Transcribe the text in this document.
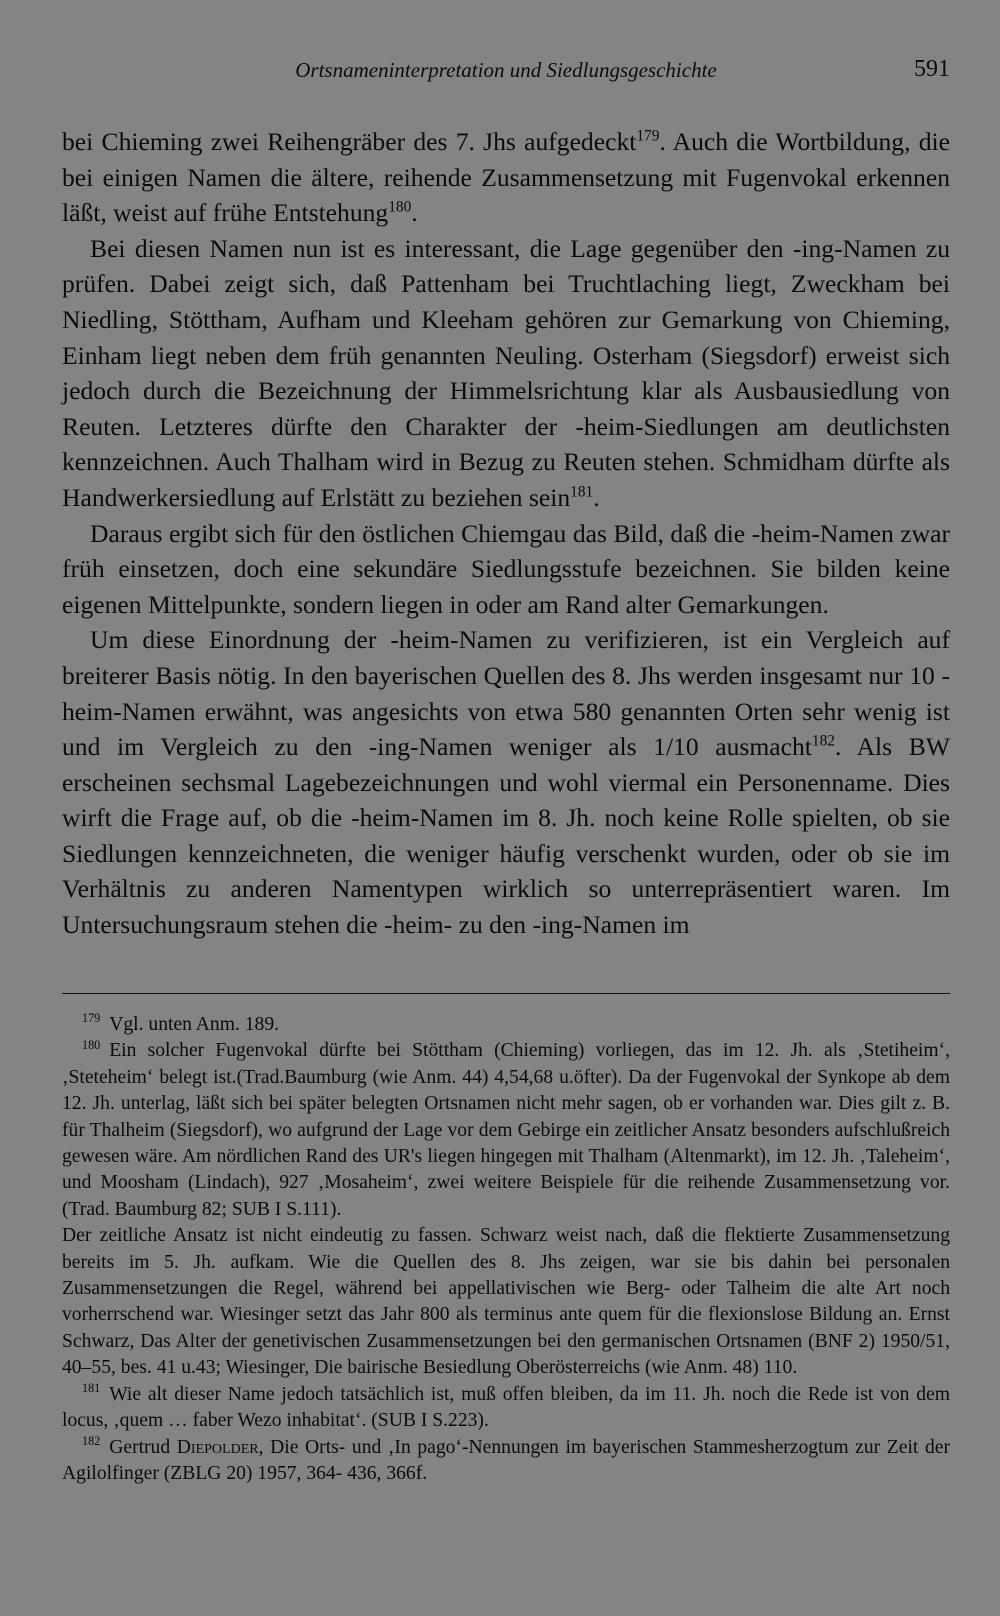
Ortsnameninterpretation und Siedlungsgeschichte	591

bei Chieming zwei Reihengräber des 7. Jhs aufgedeckt$^{179}$. Auch die Wortbildung, die bei einigen Namen die ältere, reihende Zusammensetzung mit Fugenvokal erkennen läßt, weist auf frühe Entstehung$^{180}$.

Bei diesen Namen nun ist es interessant, die Lage gegenüber den -ing-Namen zu prüfen. Dabei zeigt sich, daß Pattenham bei Truchtlaching liegt, Zweckham bei Niedling, Stöttham, Aufham und Kleeham gehören zur Gemarkung von Chieming, Einham liegt neben dem früh genannten Neuling. Osterham (Siegsdorf) erweist sich jedoch durch die Bezeichnung der Himmelsrichtung klar als Ausbausiedlung von Reuten. Letzteres dürfte den Charakter der -heim-Siedlungen am deutlichsten kennzeichnen. Auch Thalham wird in Bezug zu Reuten stehen. Schmidham dürfte als Handwerkersiedlung auf Erlstätt zu beziehen sein$^{181}$.

Daraus ergibt sich für den östlichen Chiemgau das Bild, daß die -heim-Namen zwar früh einsetzen, doch eine sekundäre Siedlungsstufe bezeichnen. Sie bilden keine eigenen Mittelpunkte, sondern liegen in oder am Rand alter Gemarkungen.

Um diese Einordnung der -heim-Namen zu verifizieren, ist ein Vergleich auf breiterer Basis nötig. In den bayerischen Quellen des 8. Jhs werden insgesamt nur 10 -heim-Namen erwähnt, was angesichts von etwa 580 genannten Orten sehr wenig ist und im Vergleich zu den -ing-Namen weniger als 1/10 ausmacht$^{182}$. Als BW erscheinen sechsmal Lagebezeichnungen und wohl viermal ein Personenname. Dies wirft die Frage auf, ob die -heim-Namen im 8. Jh. noch keine Rolle spielten, ob sie Siedlungen kennzeichneten, die weniger häufig verschenkt wurden, oder ob sie im Verhältnis zu anderen Namentypen wirklich so unterrepräsentiert waren. Im Untersuchungsraum stehen die -heim- zu den -ing-Namen im

$^{179}$ Vgl. unten Anm. 189.

$^{180}$ Ein solcher Fugenvokal dürfte bei Stöttham (Chieming) vorliegen, das im 12. Jh. als ‚Stetiheim‘, ‚Steteheim‘ belegt ist.(Trad.Baumburg (wie Anm. 44) 4,54,68 u.öfter). Da der Fugenvokal der Synkope ab dem 12. Jh. unterlag, läßt sich bei später belegten Ortsnamen nicht mehr sagen, ob er vorhanden war. Dies gilt z. B. für Thalheim (Siegsdorf), wo aufgrund der Lage vor dem Gebirge ein zeitlicher Ansatz besonders aufschlußreich gewesen wäre. Am nördlichen Rand des UR's liegen hingegen mit Thalham (Altenmarkt), im 12. Jh. ‚Taleheim‘, und Moosham (Lindach), 927 ‚Mosaheim‘, zwei weitere Beispiele für die reihende Zusammensetzung vor. (Trad. Baumburg 82; SUB I S.111).

Der zeitliche Ansatz ist nicht eindeutig zu fassen. Schwarz weist nach, daß die flektierte Zusammensetzung bereits im 5. Jh. aufkam. Wie die Quellen des 8. Jhs zeigen, war sie bis dahin bei personalen Zusammensetzungen die Regel, während bei appellativischen wie Berg- oder Talheim die alte Art noch vorherrschend war. Wiesinger setzt das Jahr 800 als terminus ante quem für die flexionslose Bildung an. Ernst Schwarz, Das Alter der genetivischen Zusammensetzungen bei den germanischen Ortsnamen (BNF 2) 1950/51, 40–55, bes. 41 u.43; Wiesinger, Die bairische Besiedlung Oberösterreichs (wie Anm. 48) 110.

$^{181}$ Wie alt dieser Name jedoch tatsächlich ist, muß offen bleiben, da im 11. Jh. noch die Rede ist von dem locus, ‚quem … faber Wezo inhabitat‘. (SUB I S.223).

$^{182}$ Gertrud Diepolder, Die Orts- und ‚In pago‘-Nennungen im bayerischen Stammesherzogtum zur Zeit der Agilolfinger (ZBLG 20) 1957, 364- 436, 366f.
